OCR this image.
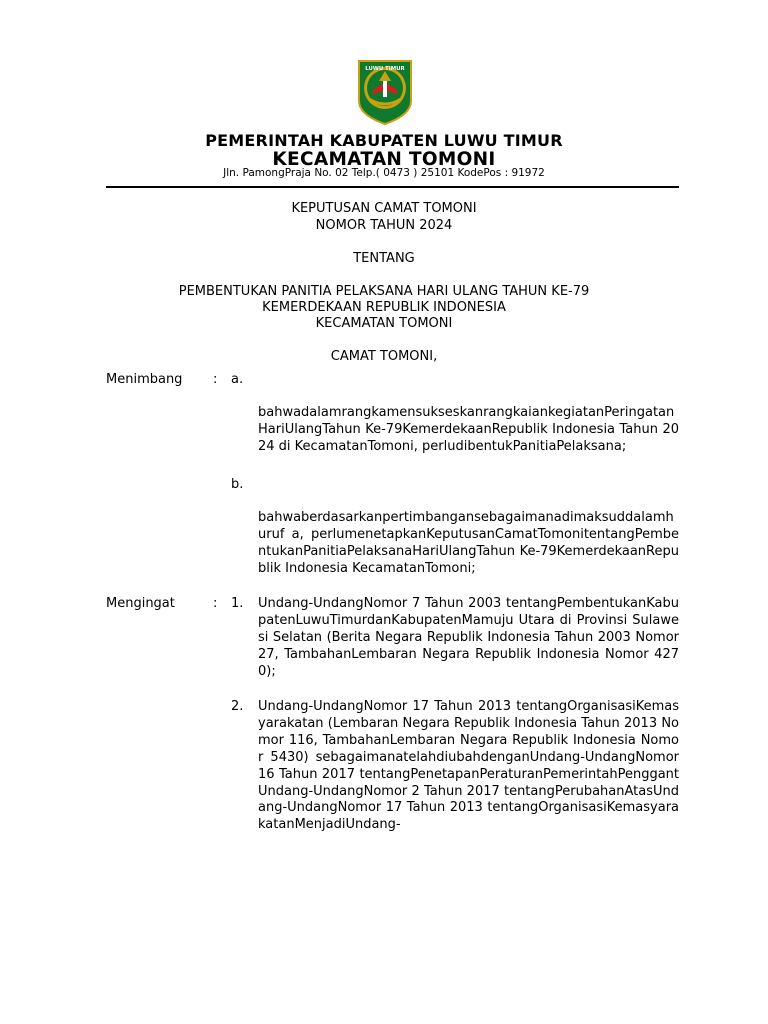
LUWU TIMUR
PEMERINTAH KABUPATEN LUWU TIMUR
KECAMATAN TOMONI
Jln. PamongPraja No. 02 Telp.( 0473 ) 25101 KodePos : 91972
KEPUTUSAN CAMAT TOMONI
NOMOR TAHUN 2024
TENTANG
PEMBENTUKAN PANITIA PELAKSANA HARI ULANG TAHUN KE-79
KEMERDEKAAN REPUBLIK INDONESIA
KECAMATAN TOMONI
CAMAT TOMONI,
Menimbang : a.
bahwadalamrangkamensukseskanrangkaiankegiatanPeringatanHariUlangTahun Ke-79KemerdekaanRepublik Indonesia Tahun 2024 di KecamatanTomoni, perludibentukPanitiaPelaksana;
b.
bahwaberdasarkanpertimbangansebagaimanadimaksuddalamhuruf a, perlumenetapkanKeputusanCamatTomonitentangPembentukanPanitiaPelaksanaHariUlangTahun Ke-79KemerdekaanRepublik Indonesia KecamatanTomoni;
Mengingat	: 1. Undang-UndangNomor 7 Tahun 2003 tentangPembentukanKabupatenLuwuTimurdanKabupatenMamuju Utara di Provinsi Sulawesi Selatan (Berita Negara Republik Indonesia Tahun 2003 Nomor 27, TambahanLembaran Negara Republik Indonesia Nomor 4270);
2. Undang-UndangNomor 17 Tahun 2013 tentangOrganisasiKemasyarakatan (Lembaran Negara Republik Indonesia Tahun 2013 Nomor 116, TambahanLembaran Negara Republik Indonesia Nomor 5430) sebagaimanatelahdiubahdenganUndang-UndangNomor 16 Tahun 2017 tentangPenetapanPeraturanPemerintahPenggantUndang-UndangNomor 2 Tahun 2017 tentangPerubahanAtasUndang-UndangNomor 17 Tahun 2013 tentangOrganisasiKemasyarakatanMenjadiUndang-
